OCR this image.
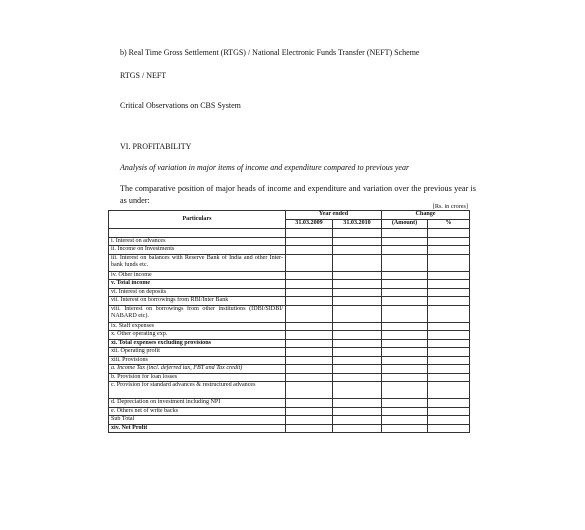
b) Real Time Gross Settlement (RTGS) / National Electronic Funds Transfer (NEFT) Scheme
RTGS / NEFT
Critical Observations on CBS System
VI. PROFITABILITY
Analysis of variation in major items of income and expenditure compared to previous year
The comparative position of major heads of income and expenditure and variation over the previous year is as under:
[Rs. in crores]
Particulars	Year ended		Change	
	31.03.2009	31.03.2010	(Amount)	%

i. Interest on advances				
ii. Income on Investments				
iii. Interest on balances with Reserve Bank of India and other Inter-bank funds etc.				
iv. Other income				
v. Total income				
vi. Interest on deposits				
vii. Interest on borrowings from RBI/Inter Bank				
viii. Interest on borrowings from other institutions (IDBI/SIDBI/ NABARD etc).				
ix. Staff expenses				
x. Other operating exp.				
xi. Total expenses excluding provisions				
xii. Operating profit				
xiii. Provisions				
a. Income Tax (incl. deferred tax, FBT and Tax credit)				
b. Provision for loan losses				
c. Provision for standard advances & restructured advances				
d. Depreciation on investment including NPI				
e. Others net of write backs				
Sub Total				
xiv. Net Profit				
